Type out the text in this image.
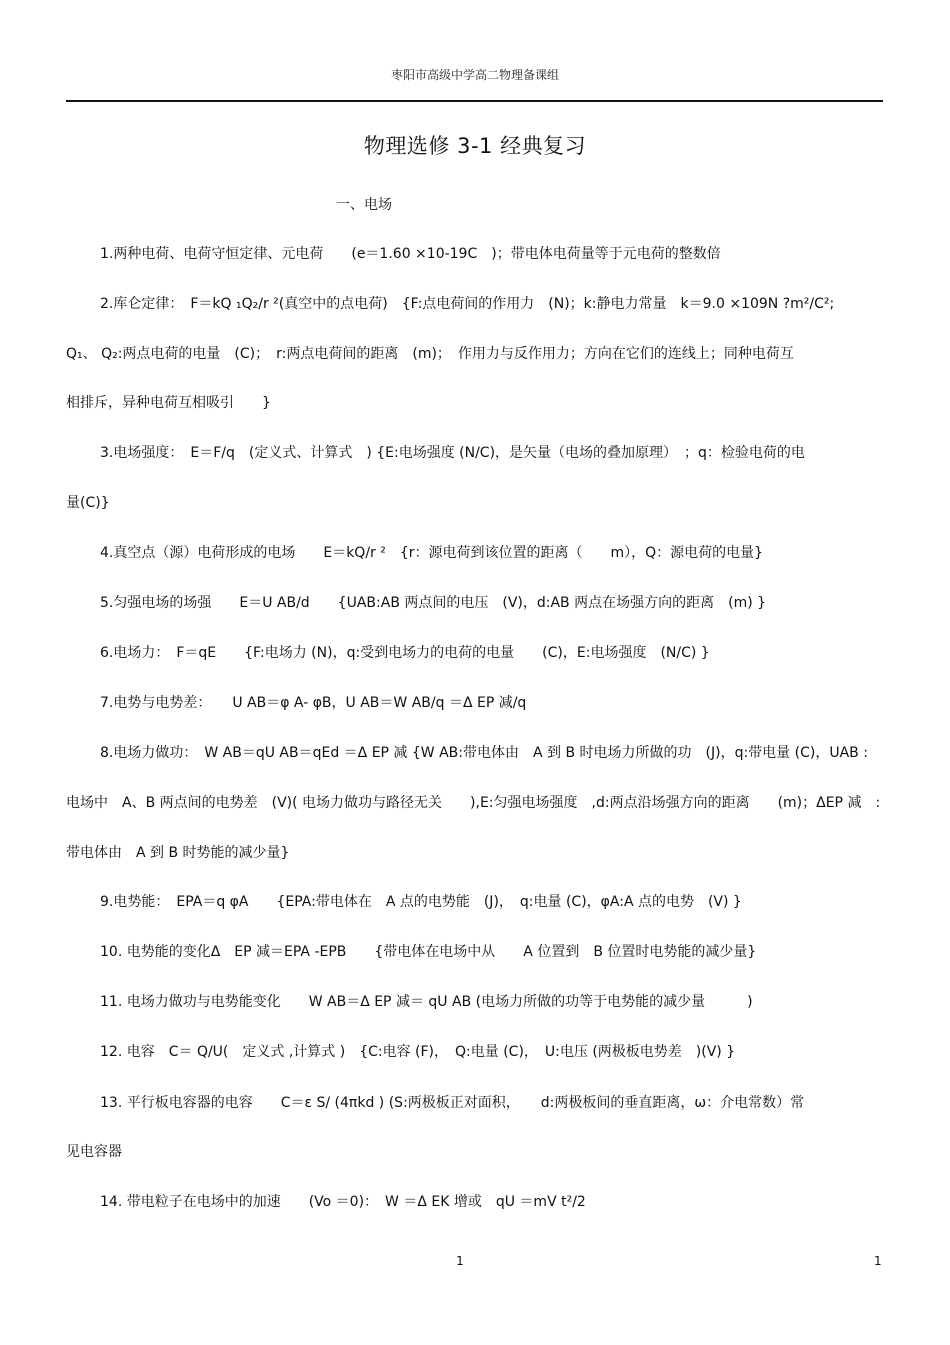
枣阳市高级中学高二物理备课组
物理选修 3-1 经典复习
一、电场
1.两种电荷、电荷守恒定律、元电荷　　(e＝1.60 ×10-19C　)；带电体电荷量等于元电荷的整数倍
2.库仑定律：　F＝kQ ₁Q₂/r ²(真空中的点电荷)　{F:点电荷间的作用力　(N)；k:静电力常量　k＝9.0 ×109N ?m²/C²;
Q₁、 Q₂:两点电荷的电量　(C)；　r:两点电荷间的距离　(m)；　作用力与反作用力；方向在它们的连线上；同种电荷互
相排斥，异种电荷互相吸引　　}
3.电场强度：　E＝F/q　(定义式、计算式　) {E:电场强度 (N/C)，是矢量（电场的叠加原理）　；q：检验电荷的电
量(C)}
4.真空点（源）电荷形成的电场　　E＝kQ/r ²　{r：源电荷到该位置的距离（　　m），Q：源电荷的电量}
5.匀强电场的场强　　E＝U AB/d　　{UAB:AB 两点间的电压　(V)，d:AB 两点在场强方向的距离　(m) }
6.电场力：　F＝qE　　{F:电场力 (N)，q:受到电场力的电荷的电量　　(C)，E:电场强度　(N/C) }
7.电势与电势差：　　U AB＝φ A- φB，U AB＝W AB/q ＝Δ EP 减/q
8.电场力做功：　W AB＝qU AB＝qEd ＝Δ EP 减 {W AB:带电体由　A 到 B 时电场力所做的功　(J)，q:带电量 (C)，UAB :
电场中　A、B 两点间的电势差　(V)( 电场力做功与路径无关　　),E:匀强电场强度　,d:两点沿场强方向的距离　　(m)；ΔEP 减　:
带电体由　A 到 B 时势能的减少量}
9.电势能：　EPA＝q φA　　{EPA:带电体在　A 点的电势能　(J)，　q:电量 (C)，φA:A 点的电势　(V) }
10. 电势能的变化Δ　EP 减＝EPA -EPB　　{带电体在电场中从　　A 位置到　B 位置时电势能的减少量}
11. 电场力做功与电势能变化　　W AB＝Δ EP 减＝ qU AB (电场力所做的功等于电势能的减少量　　　)
12. 电容　C＝ Q/U(　定义式 ,计算式 )　{C:电容 (F)，　Q:电量 (C)，　U:电压 (两极板电势差　)(V) }
13. 平行板电容器的电容　　C＝ε S/ (4πkd ) (S:两极板正对面积，　　d:两极板间的垂直距离，ω：介电常数）常
见电容器
14. 带电粒子在电场中的加速　　(Vo ＝0)：　W ＝Δ EK 增或　qU ＝mV t²/2
1	1
